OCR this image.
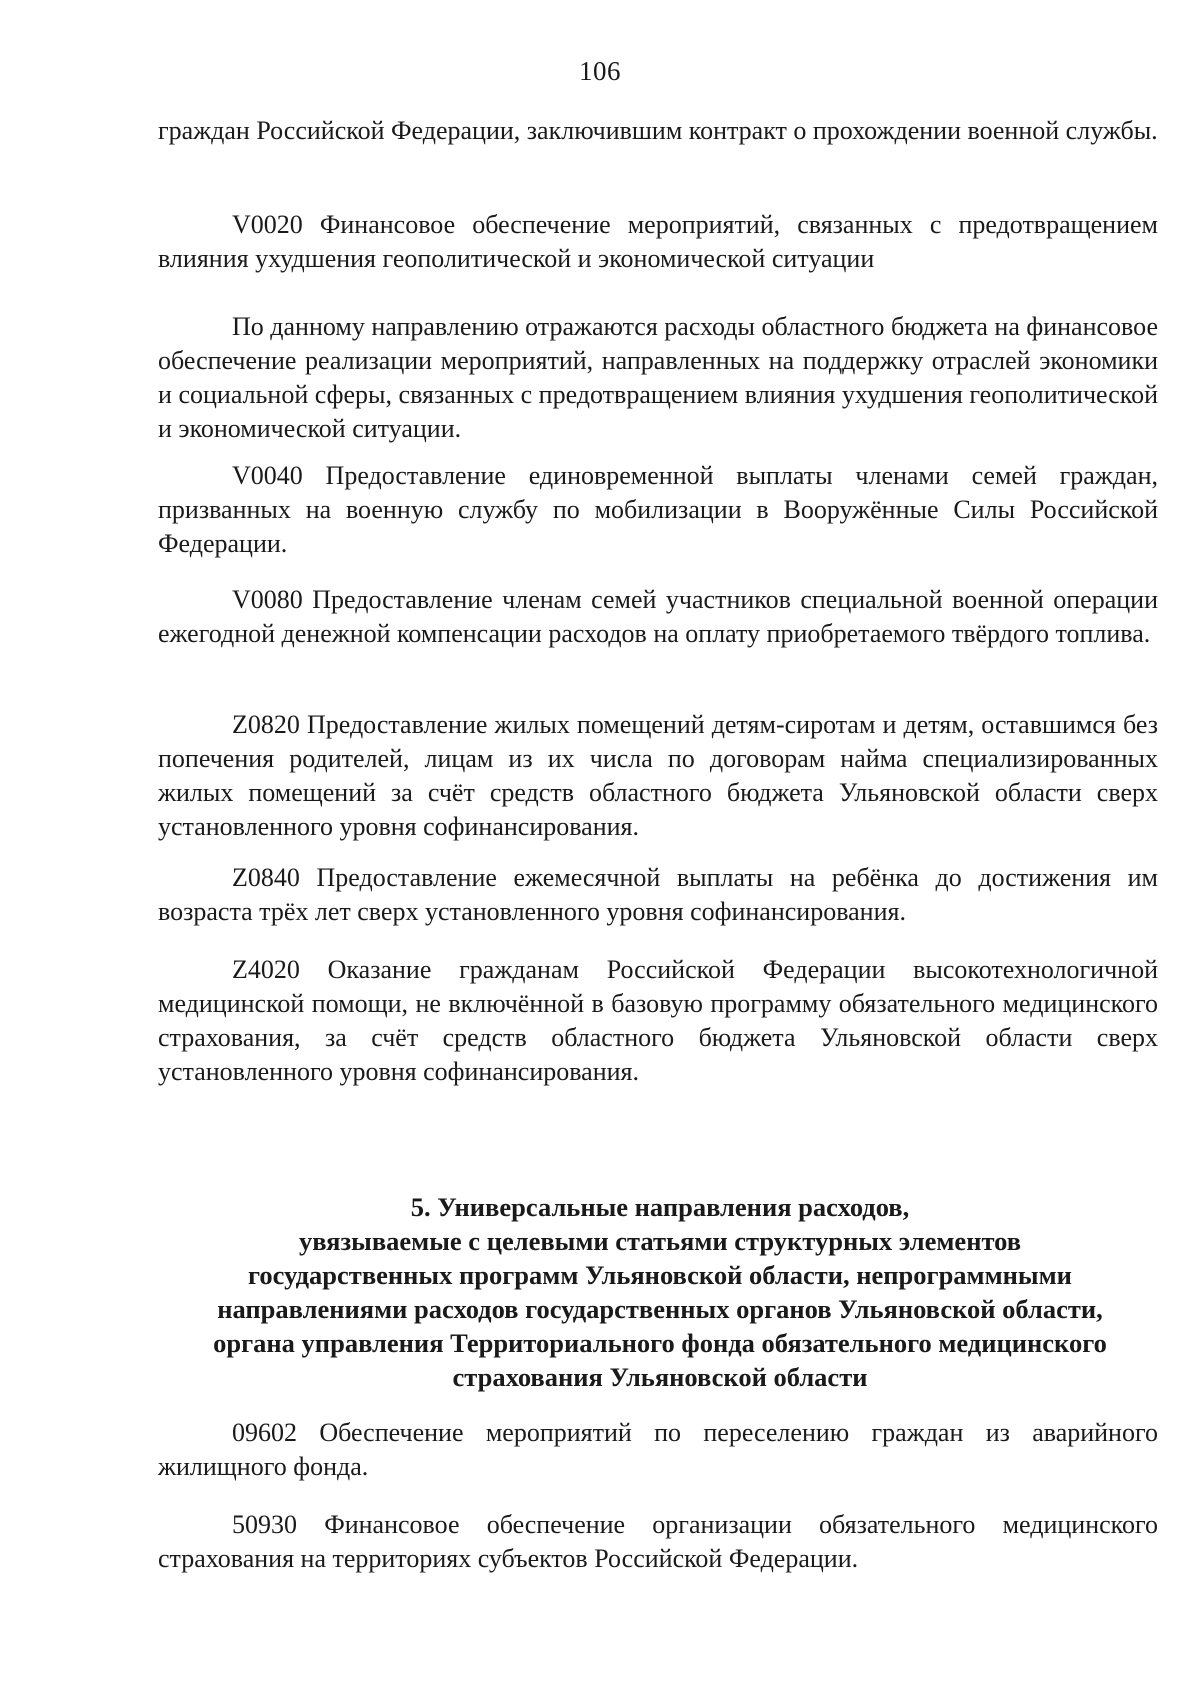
106

граждан Российской Федерации, заключившим контракт о прохождении военной службы.

V0020 Финансовое обеспечение мероприятий, связанных с предотвращением влияния ухудшения геополитической и экономической ситуации

По данному направлению отражаются расходы областного бюджета на финансовое обеспечение реализации мероприятий, направленных на поддержку отраслей экономики и социальной сферы, связанных с предотвращением влияния ухудшения геополитической и экономической ситуации.

V0040 Предоставление единовременной выплаты членами семей граждан, призванных на военную службу по мобилизации в Вооружённые Силы Российской Федерации.

V0080 Предоставление членам семей участников специальной военной операции ежегодной денежной компенсации расходов на оплату приобретаемого твёрдого топлива.

Z0820 Предоставление жилых помещений детям-сиротам и детям, оставшимся без попечения родителей, лицам из их числа по договорам найма специализированных жилых помещений за счёт средств областного бюджета Ульяновской области сверх установленного уровня софинансирования.

Z0840 Предоставление ежемесячной выплаты на ребёнка до достижения им возраста трёх лет сверх установленного уровня софинансирования.

Z4020 Оказание гражданам Российской Федерации высокотехнологичной медицинской помощи, не включённой в базовую программу обязательного медицинского страхования, за счёт средств областного бюджета Ульяновской области сверх установленного уровня софинансирования.

5. Универсальные направления расходов,
увязываемые с целевыми статьями структурных элементов
государственных программ Ульяновской области, непрограммными
направлениями расходов государственных органов Ульяновской области,
органа управления Территориального фонда обязательного медицинского
страхования Ульяновской области

09602 Обеспечение мероприятий по переселению граждан из аварийного жилищного фонда.

50930 Финансовое обеспечение организации обязательного медицинского страхования на территориях субъектов Российской Федерации.
